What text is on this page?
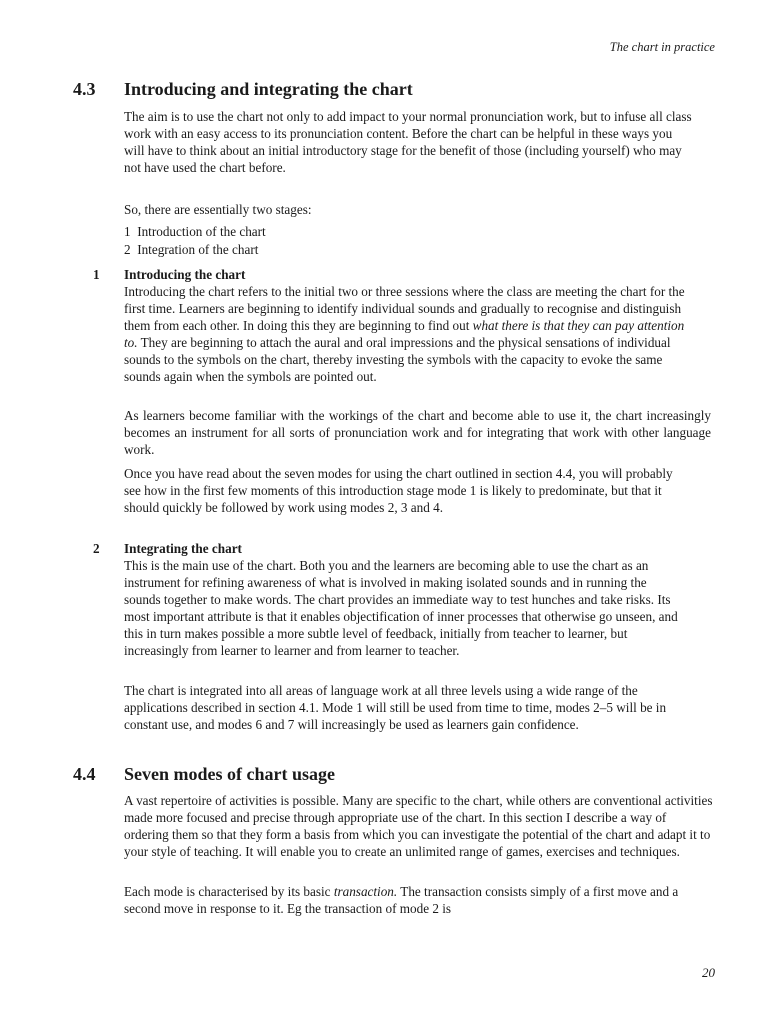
The chart in practice
4.3 Introducing and integrating the chart

The aim is to use the chart not only to add impact to your normal pronunciation work, but to infuse all class work with an easy access to its pronunciation content. Before the chart can be helpful in these ways you will have to think about an initial introductory stage for the benefit of those (including yourself) who may not have used the chart before.

So, there are essentially two stages:

1 Introduction of the chart
2 Integration of the chart
1 Introducing the chart

Introducing the chart refers to the initial two or three sessions where the class are meeting the chart for the first time. Learners are beginning to identify individual sounds and gradually to recognise and distinguish them from each other. In doing this they are beginning to find out what there is that they can pay attention to. They are beginning to attach the aural and oral impressions and the physical sensations of individual sounds to the symbols on the chart, thereby investing the symbols with the capacity to evoke the same sounds again when the symbols are pointed out.

As learners become familiar with the workings of the chart and become able to use it, the chart increasingly becomes an instrument for all sorts of pronunciation work and for integrating that work with other language work.

Once you have read about the seven modes for using the chart outlined in section 4.4, you will probably see how in the first few moments of this introduction stage mode 1 is likely to predominate, but that it should quickly be followed by work using modes 2, 3 and 4.

2 Integrating the chart

This is the main use of the chart. Both you and the learners are becoming able to use the chart as an instrument for refining awareness of what is involved in making isolated sounds and in running the sounds together to make words. The chart provides an immediate way to test hunches and take risks. Its most important attribute is that it enables objectification of inner processes that otherwise go unseen, and this in turn makes possible a more subtle level of feedback, initially from teacher to learner, but increasingly from learner to learner and from learner to teacher.

The chart is integrated into all areas of language work at all three levels using a wide range of the applications described in section 4.1. Mode 1 will still be used from time to time, modes 2–5 will be in constant use, and modes 6 and 7 will increasingly be used as learners gain confidence.

4.4 Seven modes of chart usage

A vast repertoire of activities is possible. Many are specific to the chart, while others are conventional activities made more focused and precise through appropriate use of the chart. In this section I describe a way of ordering them so that they form a basis from which you can investigate the potential of the chart and adapt it to your style of teaching. It will enable you to create an unlimited range of games, exercises and techniques.

Each mode is characterised by its basic transaction. The transaction consists simply of a first move and a second move in response to it. Eg the transaction of mode 2 is

20
